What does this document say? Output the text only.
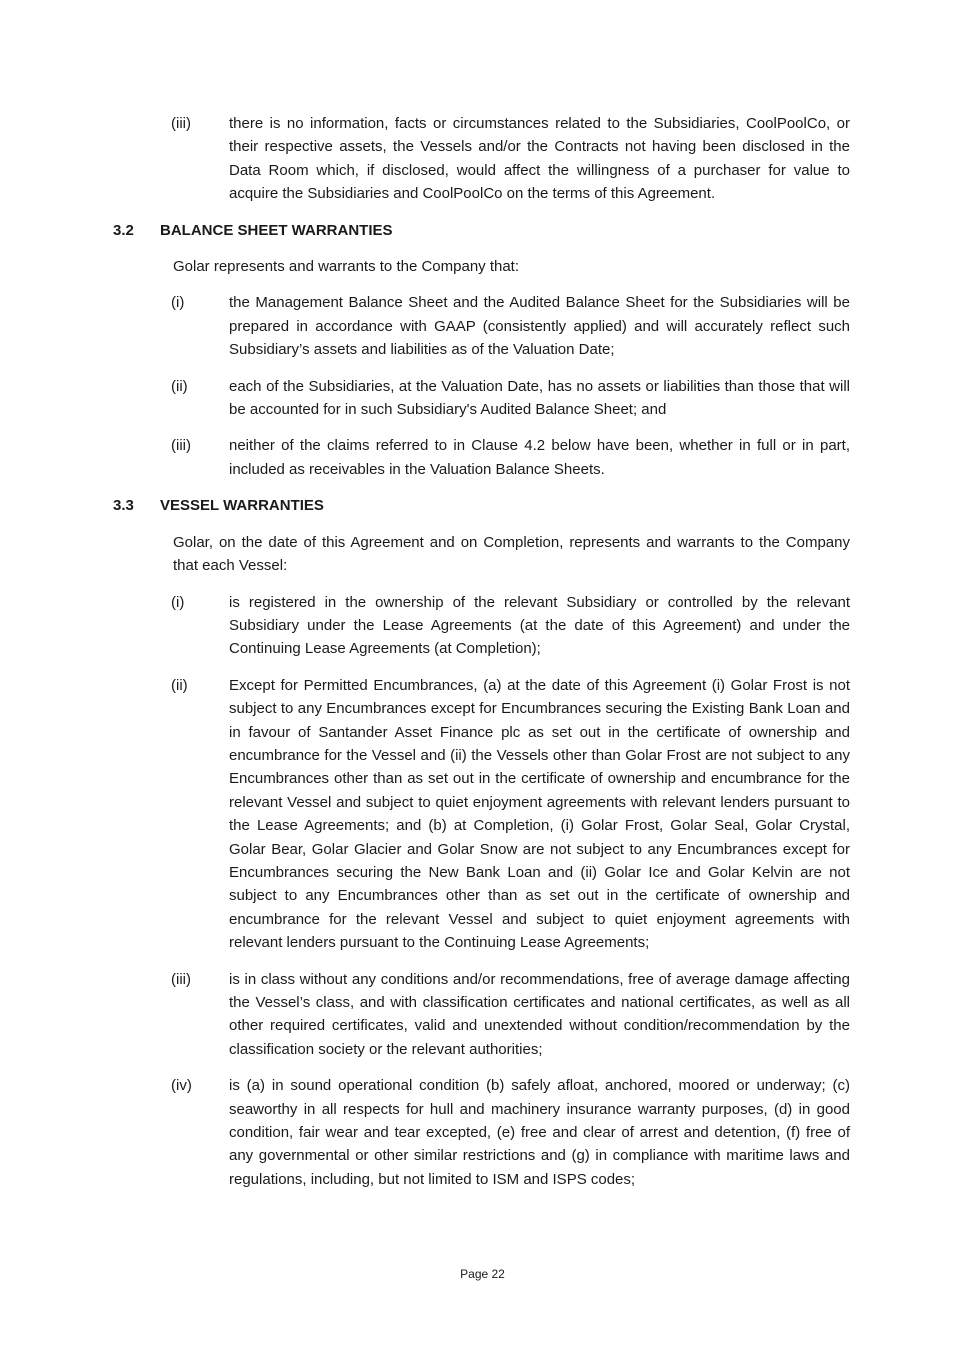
(iii)	there is no information, facts or circumstances related to the Subsidiaries, CoolPoolCo, or their respective assets, the Vessels and/or the Contracts not having been disclosed in the Data Room which, if disclosed, would affect the willingness of a purchaser for value to acquire the Subsidiaries and CoolPoolCo on the terms of this Agreement.
3.2	BALANCE SHEET WARRANTIES

Golar represents and warrants to the Company that:

(i)	the Management Balance Sheet and the Audited Balance Sheet for the Subsidiaries will be prepared in accordance with GAAP (consistently applied) and will accurately reflect such Subsidiary’s assets and liabilities as of the Valuation Date;
(ii)	each of the Subsidiaries, at the Valuation Date, has no assets or liabilities than those that will be accounted for in such Subsidiary's Audited Balance Sheet; and
(iii)	neither of the claims referred to in Clause 4.2 below have been, whether in full or in part, included as receivables in the Valuation Balance Sheets.
3.3	VESSEL WARRANTIES

Golar, on the date of this Agreement and on Completion, represents and warrants to the Company that each Vessel:

(i)	is registered in the ownership of the relevant Subsidiary or controlled by the relevant Subsidiary under the Lease Agreements (at the date of this Agreement) and under the Continuing Lease Agreements (at Completion);
(ii)	Except for Permitted Encumbrances, (a) at the date of this Agreement (i) Golar Frost is not subject to any Encumbrances except for Encumbrances securing the Existing Bank Loan and in favour of Santander Asset Finance plc as set out in the certificate of ownership and encumbrance for the Vessel and (ii) the Vessels other than Golar Frost are not subject to any Encumbrances other than as set out in the certificate of ownership and encumbrance for the relevant Vessel and subject to quiet enjoyment agreements with relevant lenders pursuant to the Lease Agreements; and (b) at Completion, (i) Golar Frost, Golar Seal, Golar Crystal, Golar Bear, Golar Glacier and Golar Snow are not subject to any Encumbrances except for Encumbrances securing the New Bank Loan and (ii) Golar Ice and Golar Kelvin are not subject to any Encumbrances other than as set out in the certificate of ownership and encumbrance for the relevant Vessel and subject to quiet enjoyment agreements with relevant lenders pursuant to the Continuing Lease Agreements;
(iii)	is in class without any conditions and/or recommendations, free of average damage affecting the Vessel’s class, and with classification certificates and national certificates, as well as all other required certificates, valid and unextended without condition/recommendation by the classification society or the relevant authorities;
(iv)	is (a) in sound operational condition (b) safely afloat, anchored, moored or underway; (c) seaworthy in all respects for hull and machinery insurance warranty purposes, (d) in good condition, fair wear and tear excepted, (e) free and clear of arrest and detention, (f) free of any governmental or other similar restrictions and (g) in compliance with maritime laws and regulations, including, but not limited to ISM and ISPS codes;
Page 22
